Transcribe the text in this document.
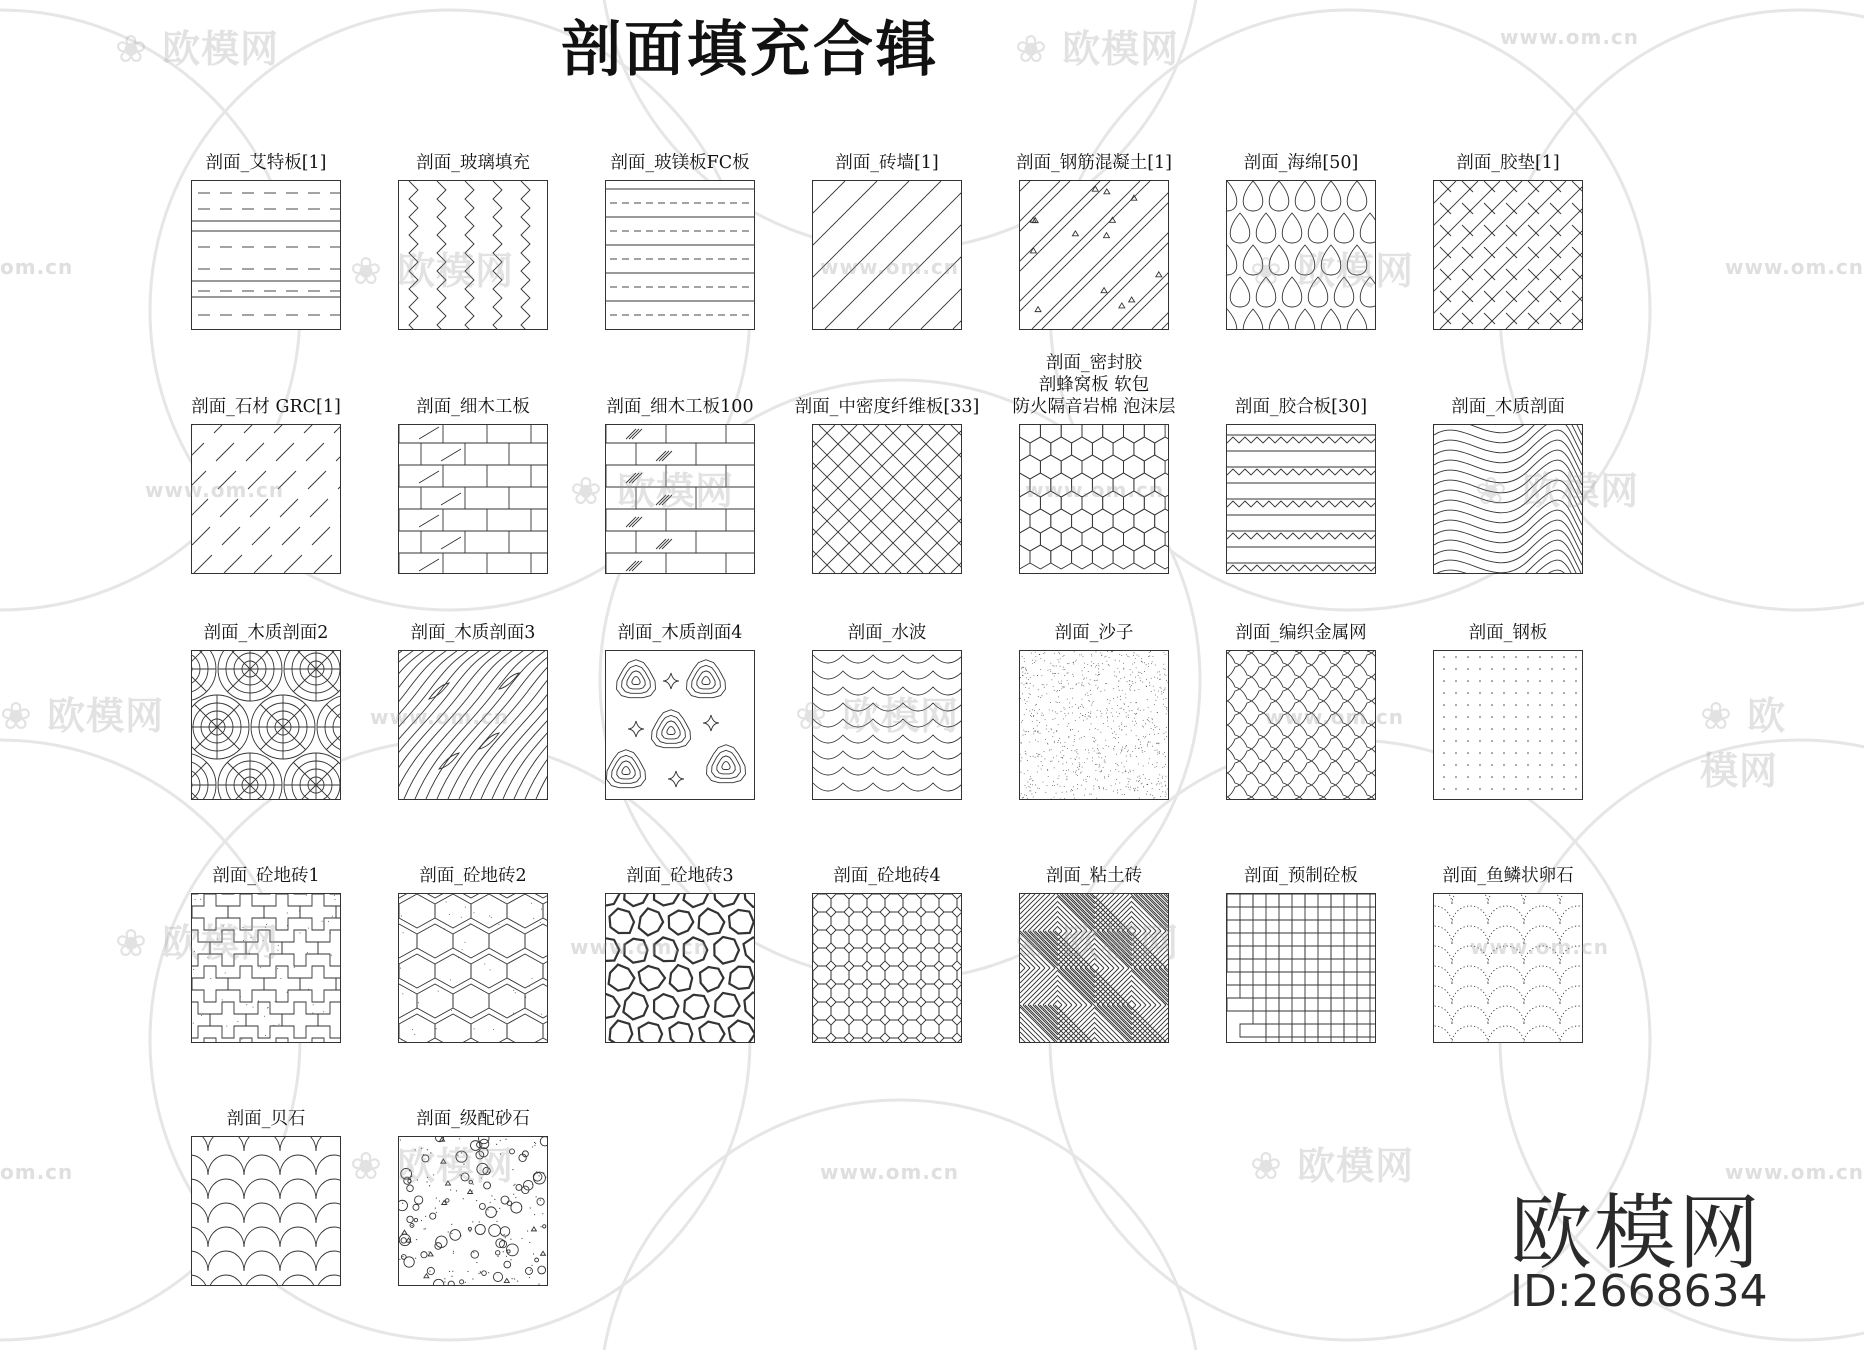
剖面填充合辑
剖面_艾特板[1]	剖面_玻璃填充	剖面_玻镁板FC板	剖面_砖墙[1]	剖面_钢筋混凝土[1]	剖面_海绵[50]	剖面_胶垫[1]
剖面_石材 GRC[1]	剖面_细木工板	剖面_细木工板100	剖面_中密度纤维板[33]
剖面_密封胶
剖蜂窝板 软包
防火隔音岩棉 泡沫层	剖面_胶合板[30]	剖面_木质剖面
剖面_木质剖面2	剖面_木质剖面3	剖面_木质剖面4	剖面_水波	剖面_沙子	剖面_编织金属网	剖面_钢板
剖面_砼地砖1	剖面_砼地砖2	剖面_砼地砖3	剖面_砼地砖4	剖面_粘土砖	剖面_预制砼板	剖面_鱼鳞状卵石
剖面_贝石	剖面_级配砂石
欧模网
ID:2668634
❀ 欧模网	❀ 欧模网
❀ 欧模网	❀ 欧模网
❀ 欧模网	❀ 欧模网
❀ 欧模网	❀ 欧模网	❀ 欧模网
❀ 欧模网	❀ 欧模网
❀ 欧模网	❀ 欧模网
www.om.cn
om.cn	www.om.cn	www.om.cn
www.om.cn	www.om.cn
www.om.cn	www.om.cn
www.om.cn	www.om.cn
om.cn	www.om.cn	www.om.cn
